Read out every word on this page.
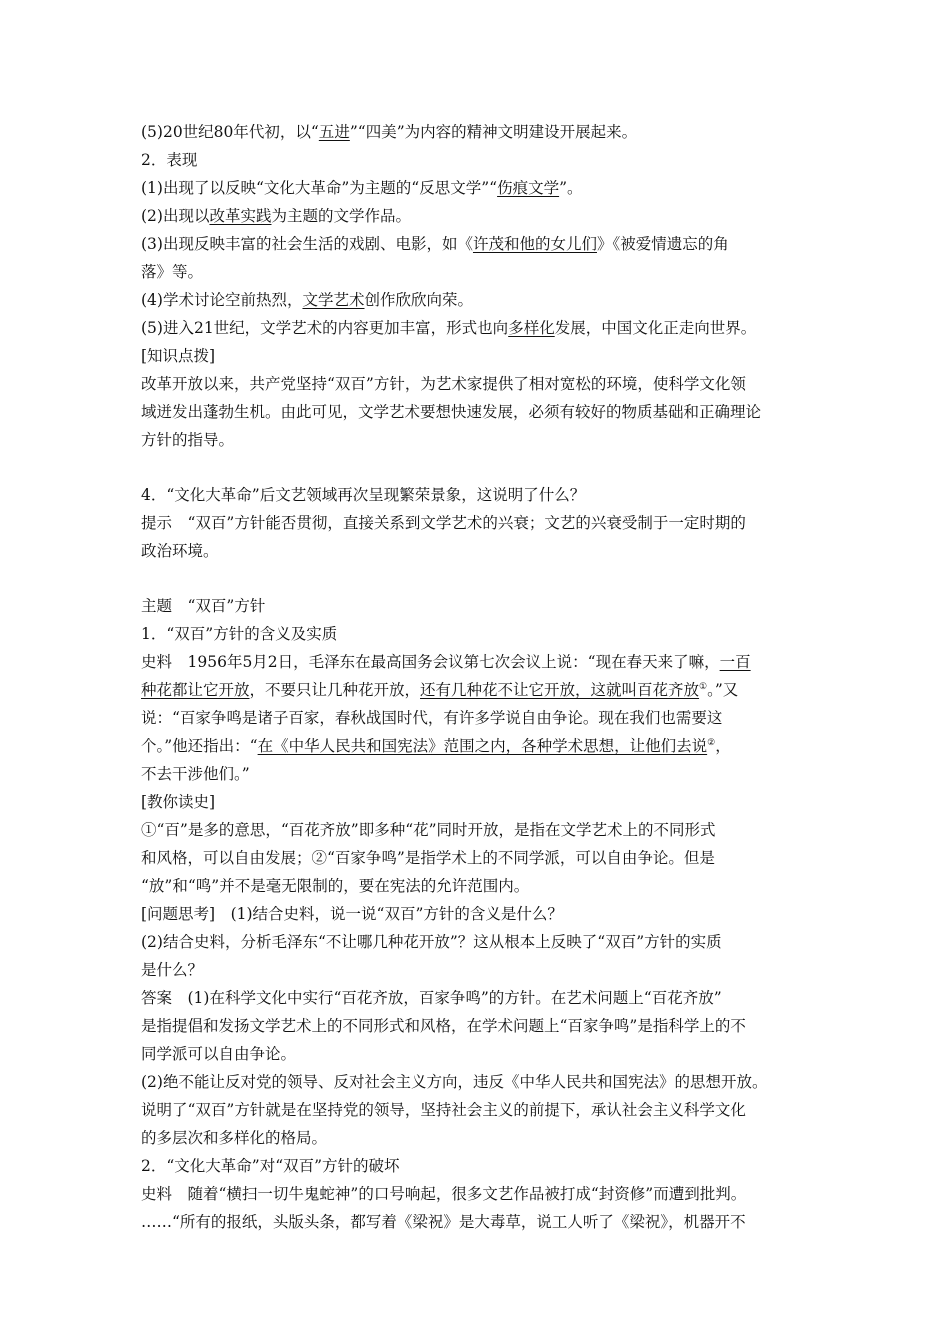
(5)20世纪80年代初，以“五进”“四美”为内容的精神文明建设开展起来。
2．表现
(1)出现了以反映“文化大革命”为主题的“反思文学”“伤痕文学”。
(2)出现以改革实践为主题的文学作品。
(3)出现反映丰富的社会生活的戏剧、电影，如《许茂和他的女儿们》《被爱情遗忘的角
落》等。
(4)学术讨论空前热烈，文学艺术创作欣欣向荣。
(5)进入21世纪，文学艺术的内容更加丰富，形式也向多样化发展，中国文化正走向世界。
[知识点拨]
改革开放以来，共产党坚持“双百”方针，为艺术家提供了相对宽松的环境，使科学文化领
域迸发出蓬勃生机。由此可见，文学艺术要想快速发展，必须有较好的物质基础和正确理论
方针的指导。
4．“文化大革命”后文艺领域再次呈现繁荣景象，这说明了什么？
提示　“双百”方针能否贯彻，直接关系到文学艺术的兴衰；文艺的兴衰受制于一定时期的
政治环境。
主题　“双百”方针
1．“双百”方针的含义及实质
史料　1956年5月2日，毛泽东在最高国务会议第七次会议上说：“现在春天来了嘛，一百
种花都让它开放，不要只让几种花开放，还有几种花不让它开放，这就叫百花齐放①。”又
说：“百家争鸣是诸子百家，春秋战国时代，有许多学说自由争论。现在我们也需要这
个。”他还指出：“在《中华人民共和国宪法》范围之内，各种学术思想，让他们去说②，
不去干涉他们。”
[教你读史]
①“百”是多的意思，“百花齐放”即多种“花”同时开放，是指在文学艺术上的不同形式
和风格，可以自由发展；②“百家争鸣”是指学术上的不同学派，可以自由争论。但是
“放”和“鸣”并不是毫无限制的，要在宪法的允许范围内。
[问题思考]　(1)结合史料，说一说“双百”方针的含义是什么？
(2)结合史料，分析毛泽东“不让哪几种花开放”？这从根本上反映了“双百”方针的实质
是什么？
答案　(1)在科学文化中实行“百花齐放，百家争鸣”的方针。在艺术问题上“百花齐放”
是指提倡和发扬文学艺术上的不同形式和风格，在学术问题上“百家争鸣”是指科学上的不
同学派可以自由争论。
(2)绝不能让反对党的领导、反对社会主义方向，违反《中华人民共和国宪法》的思想开放。
说明了“双百”方针就是在坚持党的领导，坚持社会主义的前提下，承认社会主义科学文化
的多层次和多样化的格局。
2．“文化大革命”对“双百”方针的破坏
史料　随着“横扫一切牛鬼蛇神”的口号响起，很多文艺作品被打成“封资修”而遭到批判。
……“所有的报纸，头版头条，都写着《梁祝》是大毒草，说工人听了《梁祝》，机器开不
